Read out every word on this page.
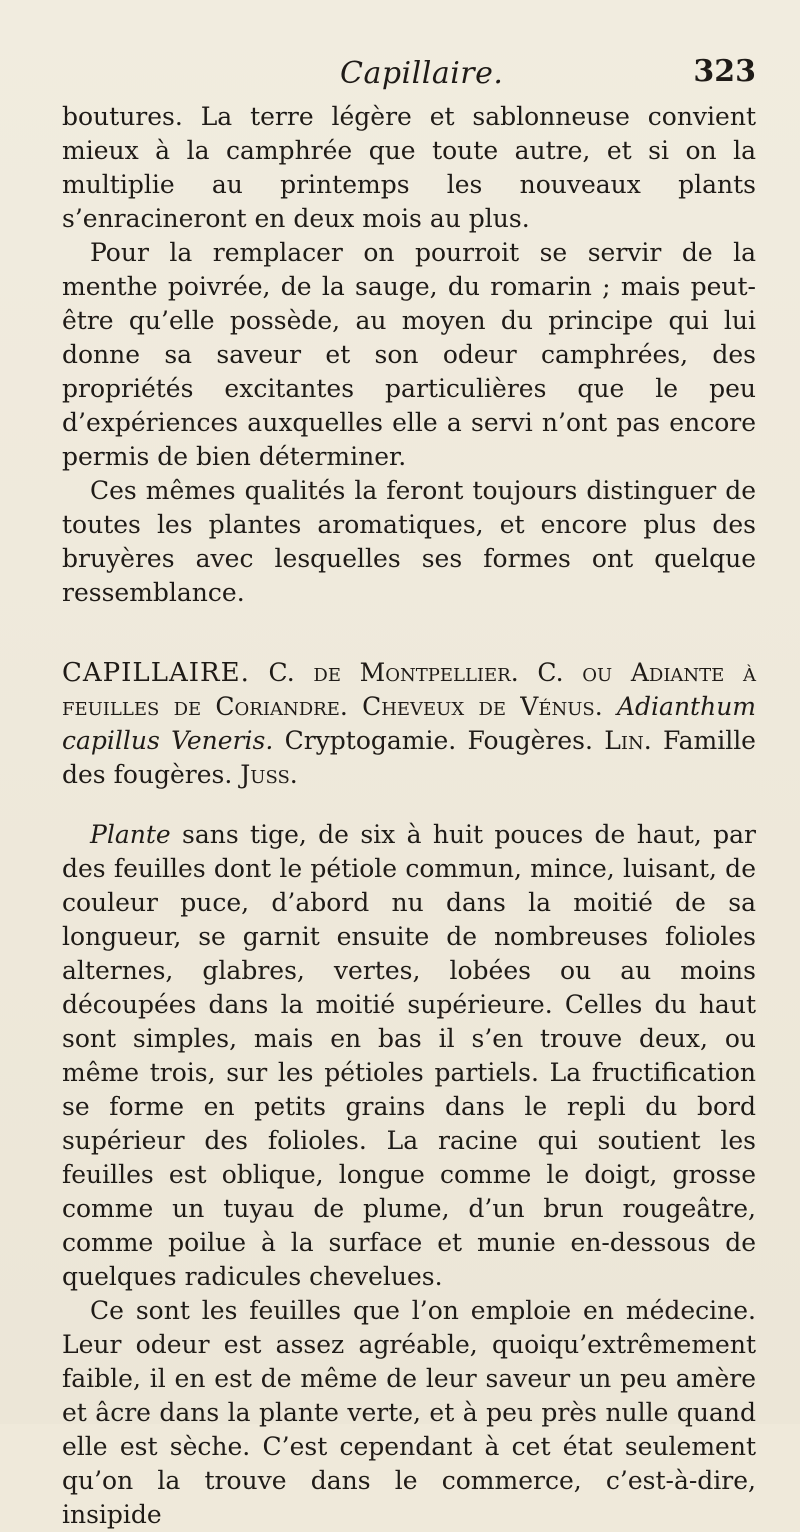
Capillaire.	323

boutures. La terre légère et sablonneuse convient mieux à la camphrée que toute autre, et si on la multiplie au printemps les nouveaux plants s’enracineront en deux mois au plus.

Pour la remplacer on pourroit se servir de la menthe poivrée, de la sauge, du romarin ; mais peut-être qu’elle possède, au moyen du principe qui lui donne sa saveur et son odeur camphrées, des propriétés excitantes particulières que le peu d’expériences auxquelles elle a servi n’ont pas encore permis de bien déterminer.

Ces mêmes qualités la feront toujours distinguer de toutes les plantes aromatiques, et encore plus des bruyères avec lesquelles ses formes ont quelque ressemblance.

CAPILLAIRE. C. de Montpellier. C. ou Adiante à feuilles de Coriandre. Cheveux de Vénus. Adianthum capillus Veneris. Cryptogamie. Fougères. Lin. Famille des fougères. Juss.

Plante sans tige, de six à huit pouces de haut, par des feuilles dont le pétiole commun, mince, luisant, de couleur puce, d’abord nu dans la moitié de sa longueur, se garnit ensuite de nombreuses folioles alternes, glabres, vertes, lobées ou au moins découpées dans la moitié supérieure. Celles du haut sont simples, mais en bas il s’en trouve deux, ou même trois, sur les pétioles partiels. La fructification se forme en petits grains dans le repli du bord supérieur des folioles. La racine qui soutient les feuilles est oblique, longue comme le doigt, grosse comme un tuyau de plume, d’un brun rougeâtre, comme poilue à la surface et munie en-dessous de quelques radicules chevelues.

Ce sont les feuilles que l’on emploie en médecine. Leur odeur est assez agréable, quoiqu’extrêmement faible, il en est de même de leur saveur un peu amère et âcre dans la plante verte, et à peu près nulle quand elle est sèche. C’est cependant à cet état seulement qu’on la trouve dans le commerce, c’est-à-dire, insipide
